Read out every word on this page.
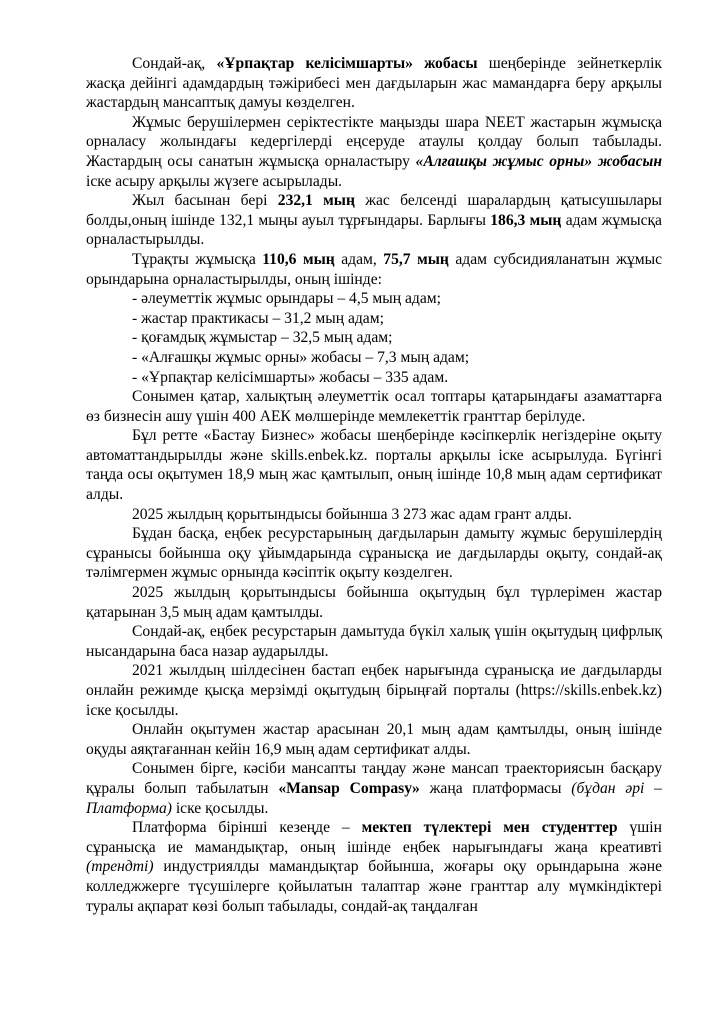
Сондай-ақ, «Ұрпақтар келісімшарты» жобасы шеңберінде зейнеткерлік жасқа дейінгі адамдардың тәжірибесі мен дағдыларын жас мамандарға беру арқылы жастардың мансаптық дамуы көзделген.

Жұмыс берушілермен серіктестікте маңызды шара NEET жастарын жұмысқа орналасу жолындағы кедергілерді еңсеруде атаулы қолдау болып табылады. Жастардың осы санатын жұмысқа орналастыру «Алғашқы жұмыс орны» жобасын іске асыру арқылы жүзеге асырылады.

Жыл басынан бері 232,1 мың жас белсенді шаралардың қатысушылары болды,оның ішінде 132,1 мыңы ауыл тұрғындары. Барлығы 186,3 мың адам жұмысқа орналастырылды.

Тұрақты жұмысқа 110,6 мың адам, 75,7 мың адам субсидияланатын жұмыс орындарына орналастырылды, оның ішінде:

- әлеуметтік жұмыс орындары – 4,5 мың адам;

- жастар практикасы – 31,2 мың адам;

- қоғамдық жұмыстар – 32,5 мың адам;

- «Алғашқы жұмыс орны» жобасы – 7,3 мың адам;

- «Ұрпақтар келісімшарты» жобасы – 335 адам.

Сонымен қатар, халықтың әлеуметтік осал топтары қатарындағы азаматтарға өз бизнесін ашу үшін 400 АЕК мөлшерінде мемлекеттік гранттар берілуде.

Бұл ретте «Бастау Бизнес» жобасы шеңберінде кәсіпкерлік негіздеріне оқыту автоматтандырылды және skills.enbek.kz. порталы арқылы іске асырылуда. Бүгінгі таңда осы оқытумен 18,9 мың жас қамтылып, оның ішінде 10,8 мың адам сертификат алды.

2025 жылдың қорытындысы бойынша 3 273 жас адам грант алды.

Бұдан басқа, еңбек ресурстарының дағдыларын дамыту жұмыс берушілердің сұранысы бойынша оқу ұйымдарында сұранысқа ие дағдыларды оқыту, сондай-ақ тәлімгермен жұмыс орнында кәсіптік оқыту көзделген.

2025 жылдың қорытындысы бойынша оқытудың бұл түрлерімен жастар қатарынан 3,5 мың адам қамтылды.

Сондай-ақ, еңбек ресурстарын дамытуда бүкіл халық үшін оқытудың цифрлық нысандарына баса назар аударылды.

2021 жылдың шілдесінен бастап еңбек нарығында сұранысқа ие дағдыларды онлайн режимде қысқа мерзімді оқытудың бірыңғай порталы (https://skills.enbek.kz) іске қосылды.

Онлайн оқытумен жастар арасынан 20,1 мың адам қамтылды, оның ішінде оқуды аяқтағаннан кейін 16,9 мың адам сертификат алды.

Сонымен бірге, кәсіби мансапты таңдау және мансап траекториясын басқару құралы болып табылатын «Mansap Compasy» жаңа платформасы (бұдан әрі – Платформа) іске қосылды.

Платформа бірінші кезеңде – мектеп түлектері мен студенттер үшін сұранысқа ие мамандықтар, оның ішінде еңбек нарығындағы жаңа креативті (трендті) индустриялды мамандықтар бойынша, жоғары оқу орындарына және колледжжерге түсушілерге қойылатын талаптар және гранттар алу мүмкіндіктері туралы ақпарат көзі болып табылады, сондай-ақ таңдалған
